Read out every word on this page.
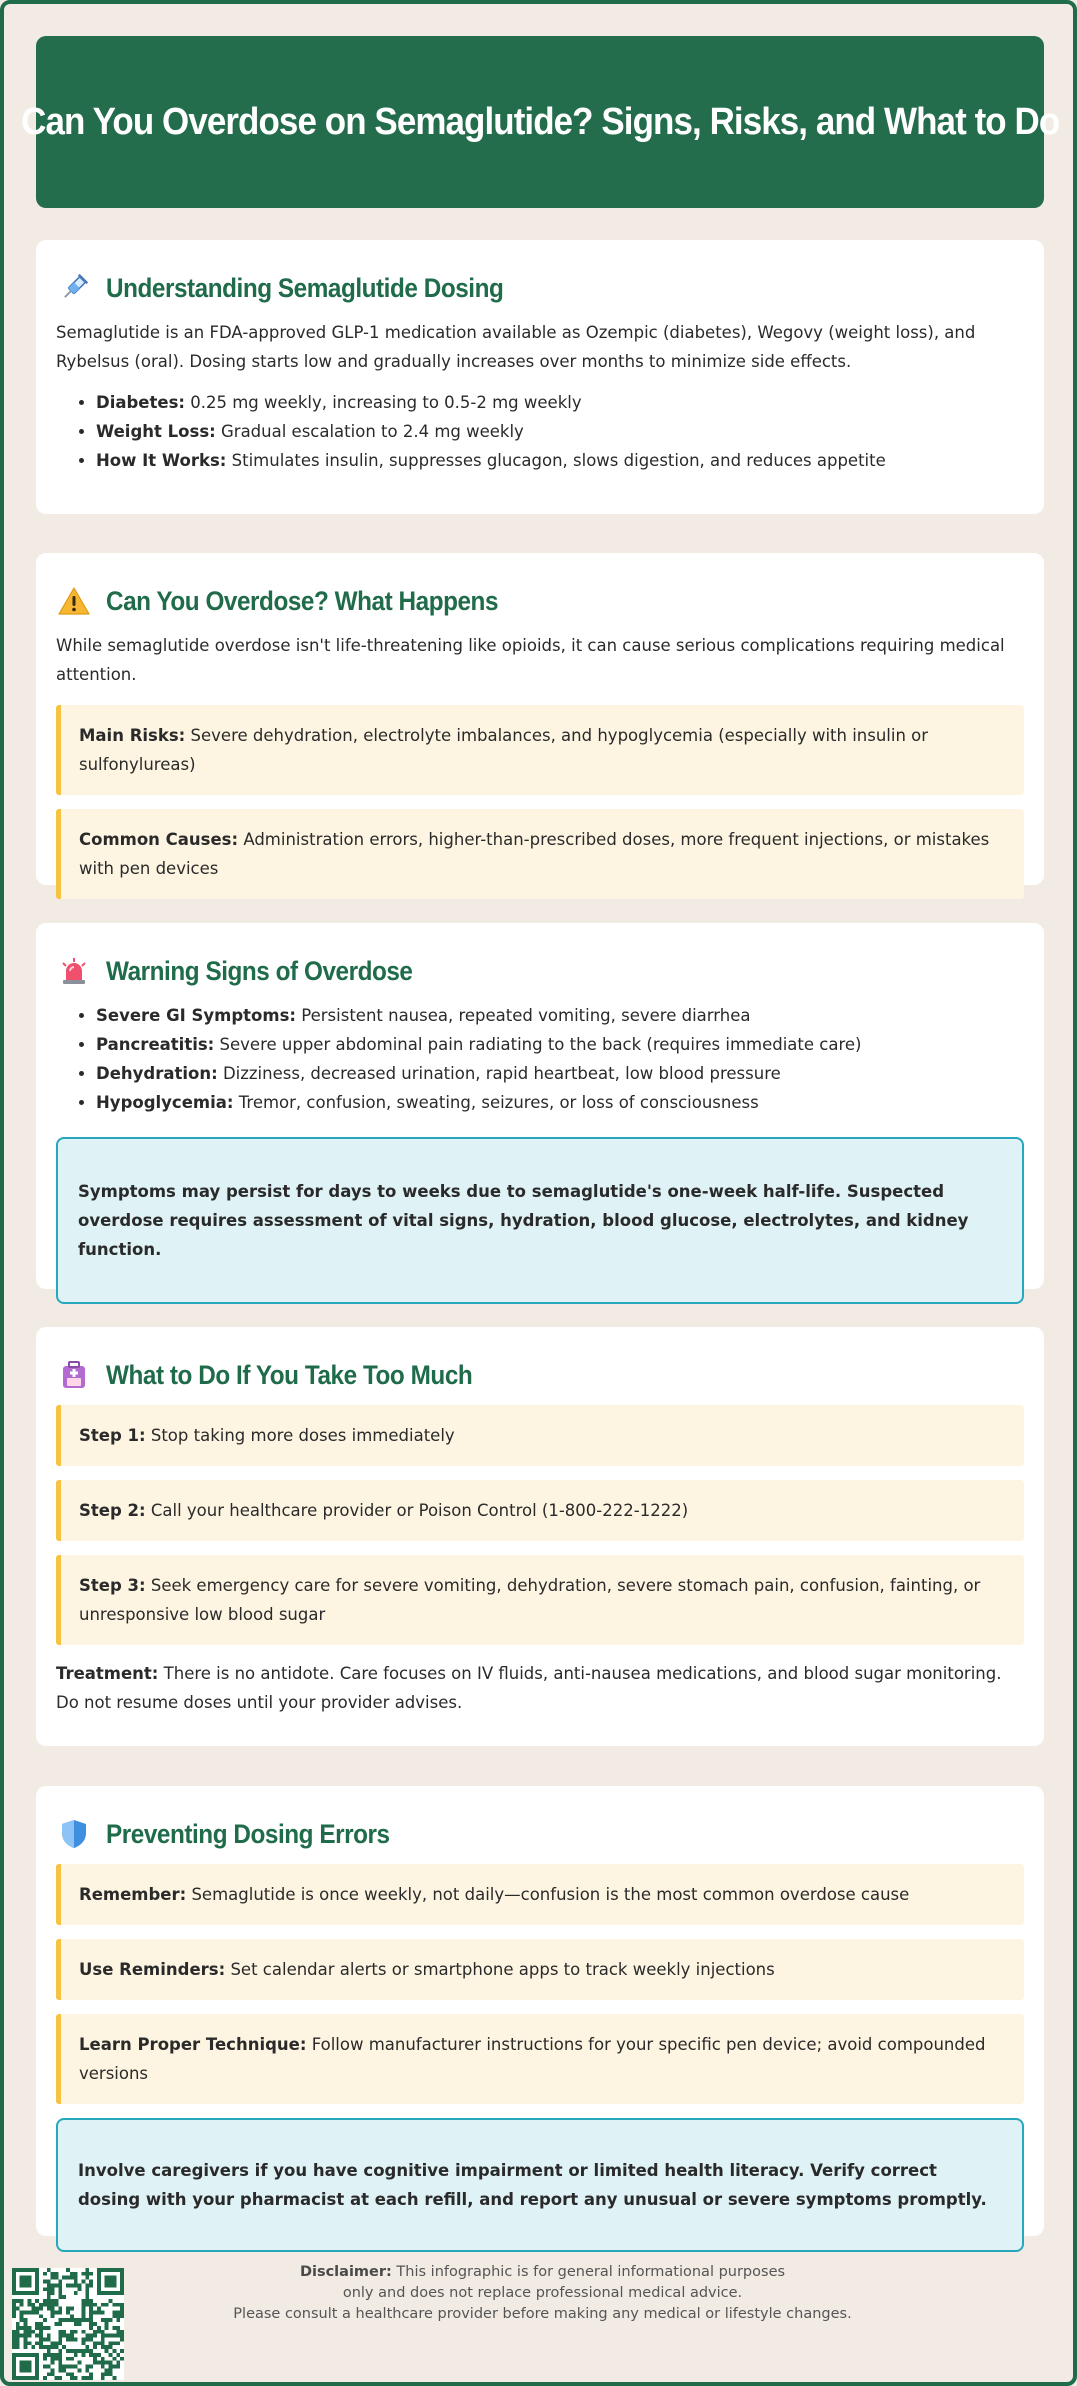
Can You Overdose on Semaglutide? Signs, Risks, and What to Do
Understanding Semaglutide Dosing

Semaglutide is an FDA-approved GLP-1 medication available as Ozempic (diabetes), Wegovy (weight loss), and Rybelsus (oral). Dosing starts low and gradually increases over months to minimize side effects.

• Diabetes: 0.25 mg weekly, increasing to 0.5-2 mg weekly
• Weight Loss: Gradual escalation to 2.4 mg weekly
• How It Works: Stimulates insulin, suppresses glucagon, slows digestion, and reduces appetite
Can You Overdose? What Happens

While semaglutide overdose isn't life-threatening like opioids, it can cause serious complications requiring medical attention.

Main Risks: Severe dehydration, electrolyte imbalances, and hypoglycemia (especially with insulin or sulfonylureas)
Common Causes: Administration errors, higher-than-prescribed doses, more frequent injections, or mistakes with pen devices
Warning Signs of Overdose
• Severe GI Symptoms: Persistent nausea, repeated vomiting, severe diarrhea
• Pancreatitis: Severe upper abdominal pain radiating to the back (requires immediate care)
• Dehydration: Dizziness, decreased urination, rapid heartbeat, low blood pressure
• Hypoglycemia: Tremor, confusion, sweating, seizures, or loss of consciousness
Symptoms may persist for days to weeks due to semaglutide's one-week half-life. Suspected overdose requires assessment of vital signs, hydration, blood glucose, electrolytes, and kidney function.
What to Do If You Take Too Much
Step 1: Stop taking more doses immediately
Step 2: Call your healthcare provider or Poison Control (1-800-222-1222)
Step 3: Seek emergency care for severe vomiting, dehydration, severe stomach pain, confusion, fainting, or unresponsive low blood sugar

Treatment: There is no antidote. Care focuses on IV fluids, anti-nausea medications, and blood sugar monitoring. Do not resume doses until your provider advises.

Preventing Dosing Errors
Remember: Semaglutide is once weekly, not daily—confusion is the most common overdose cause
Use Reminders: Set calendar alerts or smartphone apps to track weekly injections
Learn Proper Technique: Follow manufacturer instructions for your specific pen device; avoid compounded versions
Involve caregivers if you have cognitive impairment or limited health literacy. Verify correct dosing with your pharmacist at each refill, and report any unusual or severe symptoms promptly.
Disclaimer: This infographic is for general informational purposes
only and does not replace professional medical advice.
Please consult a healthcare provider before making any medical or lifestyle changes.
